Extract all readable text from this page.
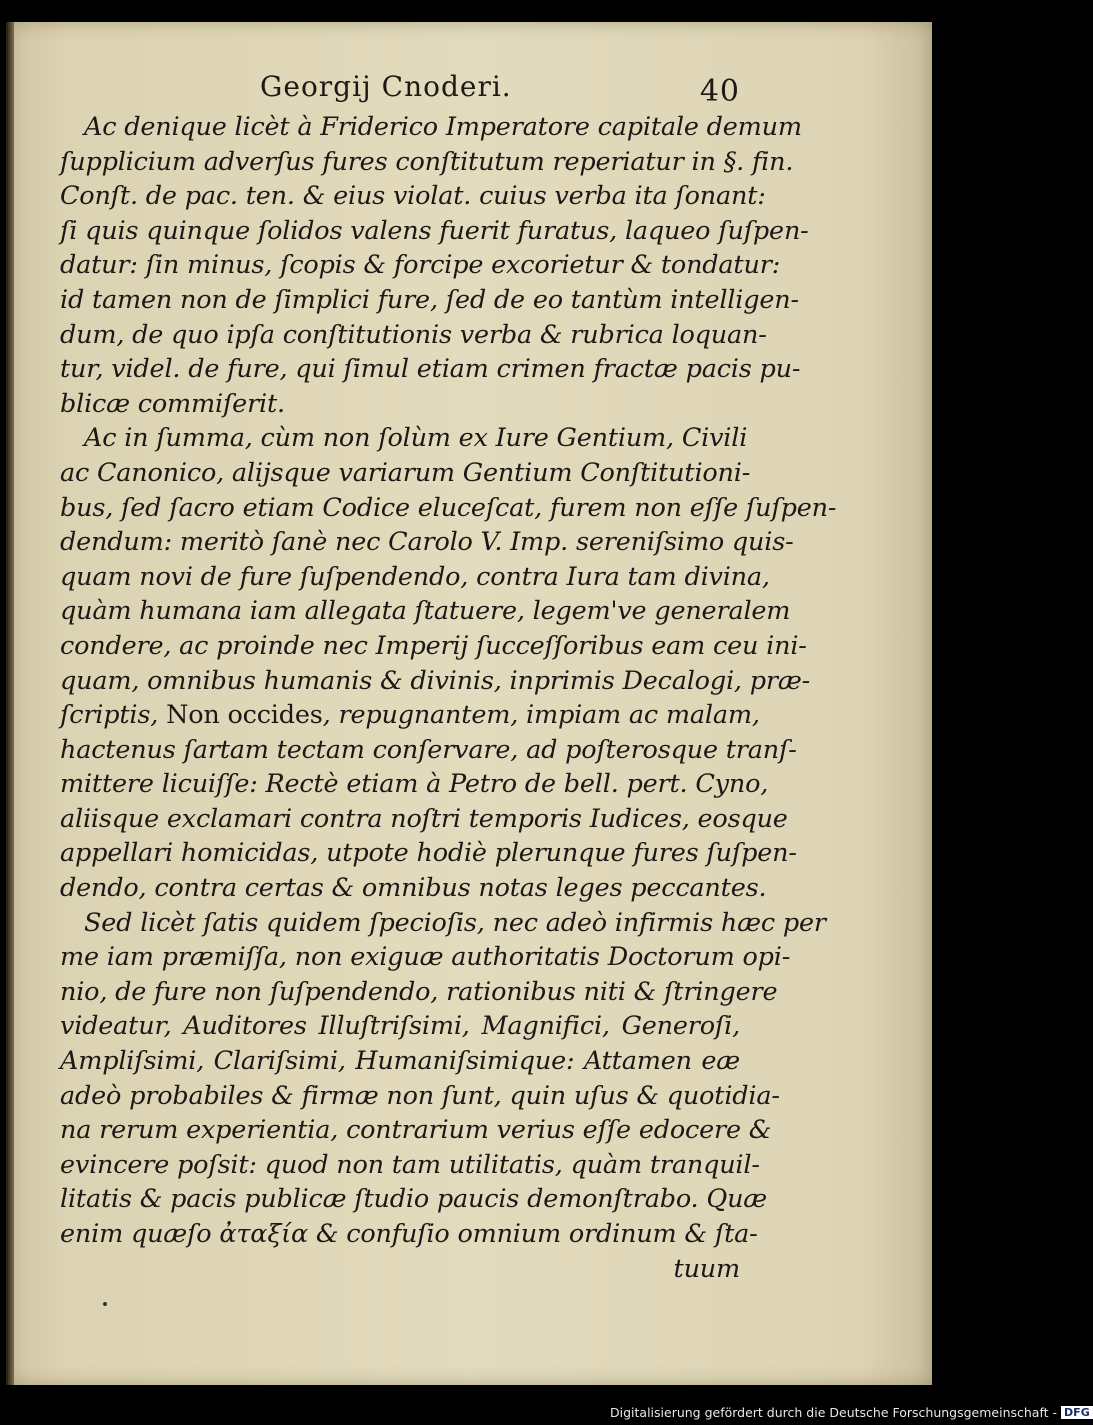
Georgij Cnoderi.	40
Ac denique licèt à Friderico Imperatore capitale demum
ſupplicium adverſus fures conſtitutum reperiatur in §. fin.
Conſt. de pac. ten. & eius violat. cuius verba ita ſonant:
ſi quis quinque ſolidos valens fuerit furatus, laqueo ſuſpen-
datur: ſin minus, ſcopis & forcipe excorietur & tondatur:
id tamen non de ſimplici fure, ſed de eo tantùm intelligen-
dum, de quo ipſa conſtitutionis verba & rubrica loquan-
tur, videl. de fure, qui ſimul etiam crimen fractæ pacis pu-
blicæ commiſerit.
Ac in ſumma, cùm non ſolùm ex Iure Gentium, Civili
ac Canonico, alijsque variarum Gentium Conſtitutioni-
bus, ſed ſacro etiam Codice eluceſcat, furem non eſſe ſuſpen-
dendum: meritò ſanè nec Carolo V. Imp. sereniſsimo quis-
quam novi de fure ſuſpendendo, contra Iura tam divina,
quàm humana iam allegata ſtatuere, legem've generalem
condere, ac proinde nec Imperij ſucceſſoribus eam ceu ini-
quam, omnibus humanis & divinis, inprimis Decalogi, præ-
ſcriptis, Non occides, repugnantem, impiam ac malam,
hactenus ſartam tectam conſervare, ad poſterosque tranſ-
mittere licuiſſe: Rectè etiam à Petro de bell. pert. Cyno,
aliisque exclamari contra noſtri temporis Iudices, eosque
appellari homicidas, utpote hodiè plerunque fures ſuſpen-
dendo, contra certas & omnibus notas leges peccantes.
Sed licèt ſatis quidem ſpecioſis, nec adeò infirmis hæc per
me iam præmiſſa, non exiguæ authoritatis Doctorum opi-
nio, de fure non ſuſpendendo, rationibus niti & ſtringere
videatur, Auditores Illuſtriſsimi, Magnifici, Generoſi,
Ampliſsimi, Clariſsimi, Humaniſsimique: Attamen eæ
adeò probabiles & firmæ non ſunt, quin uſus & quotidia-
na rerum experientia, contrarium verius eſſe edocere &
evincere poſsit: quod non tam utilitatis, quàm tranquil-
litatis & pacis publicæ ſtudio paucis demonſtrabo. Quæ
enim quæſo ἀταξία & confuſio omnium ordinum & ſta-
tuum
Digitalisierung gefördert durch die Deutsche Forschungsgemeinschaft - DFG
